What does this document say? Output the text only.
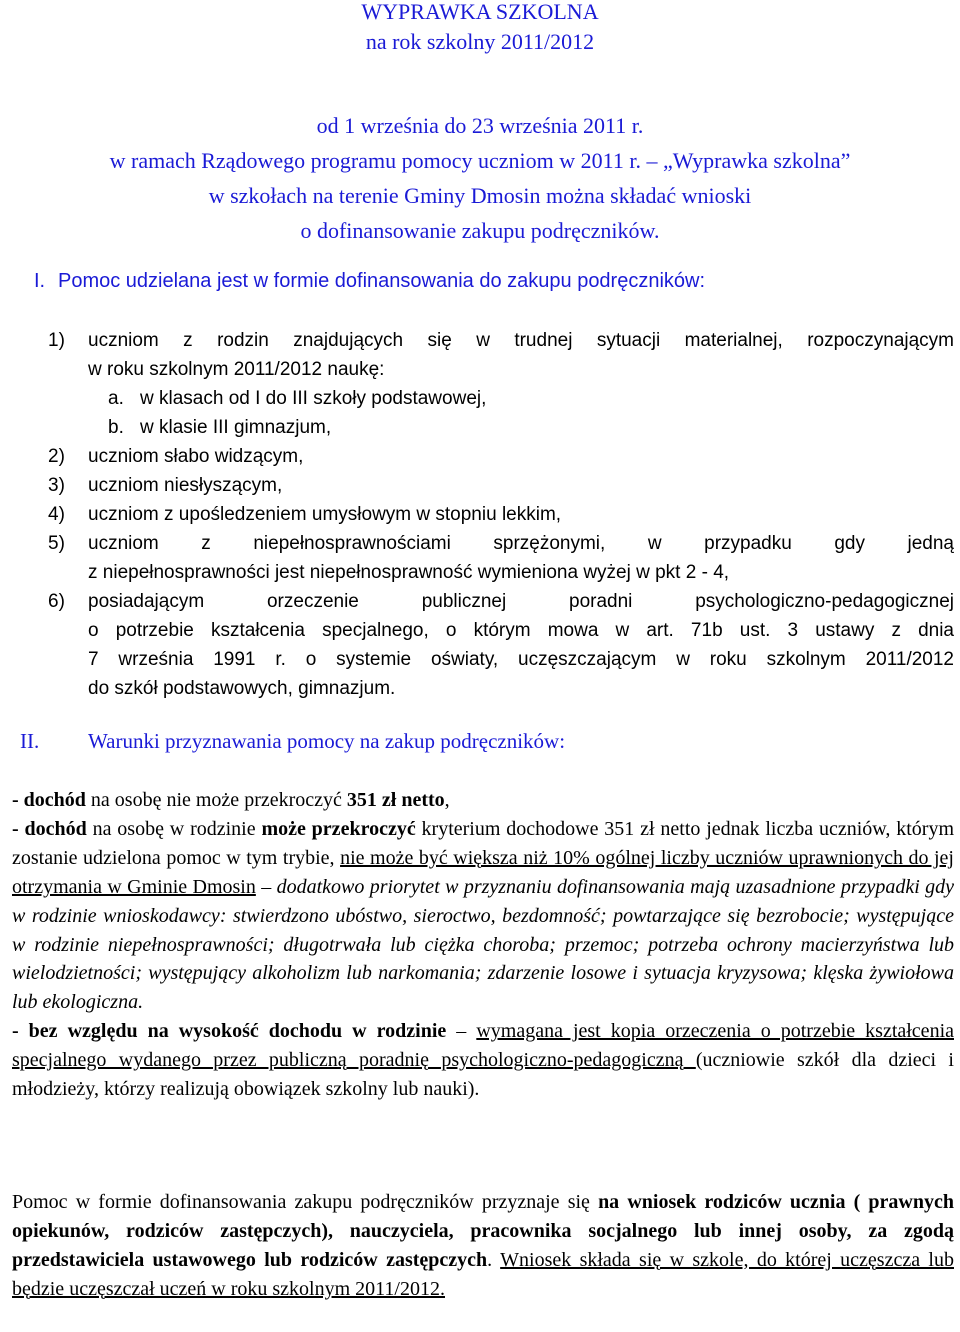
WYPRAWKA SZKOLNA
na rok szkolny 2011/2012
od 1 września do 23 września 2011 r.
w ramach Rządowego programu pomocy uczniom w 2011 r. – „Wyprawka szkolna”
w szkołach na terenie Gminy Dmosin można składać wnioski
o dofinansowanie zakupu podręczników.
I. Pomoc udzielana jest w formie dofinansowania do zakupu podręczników:
1) uczniom z rodzin znajdujących się w trudnej sytuacji materialnej, rozpoczynającym
w roku szkolnym 2011/2012 naukę:
a. w klasach od I do III szkoły podstawowej,
b. w klasie III gimnazjum,
2) uczniom słabo widzącym,
3) uczniom niesłyszącym,
4) uczniom z upośledzeniem umysłowym w stopniu lekkim,
5) uczniom z niepełnosprawnościami sprzężonymi, w przypadku gdy jedną
z niepełnosprawności jest niepełnosprawność wymieniona wyżej w pkt 2 - 4,
6) posiadającym orzeczenie publicznej poradni psychologiczno-pedagogicznej
o potrzebie kształcenia specjalnego, o którym mowa w art. 71b ust. 3 ustawy z dnia
7 września 1991 r. o systemie oświaty, uczęszczającym w roku szkolnym 2011/2012
do szkół podstawowych, gimnazjum.
II. Warunki przyznawania pomocy na zakup podręczników:

- dochód na osobę nie może przekroczyć 351 zł netto,

- dochód na osobę w rodzinie może przekroczyć kryterium dochodowe 351 zł netto jednak liczba uczniów, którym zostanie udzielona pomoc w tym trybie, nie może być większa niż 10% ogólnej liczby uczniów uprawnionych do jej otrzymania w Gminie Dmosin – dodatkowo priorytet w przyznaniu dofinansowania mają uzasadnione przypadki gdy w rodzinie wnioskodawcy: stwierdzono ubóstwo, sieroctwo, bezdomność; powtarzające się bezrobocie; występujące w rodzinie niepełnosprawności; długotrwała lub ciężka choroba; przemoc; potrzeba ochrony macierzyństwa lub wielodzietności; występujący alkoholizm lub narkomania; zdarzenie losowe i sytuacja kryzysowa; klęska żywiołowa lub ekologiczna.

- bez względu na wysokość dochodu w rodzinie – wymagana jest kopia orzeczenia o potrzebie kształcenia specjalnego wydanego przez publiczną poradnię psychologiczno-pedagogiczną (uczniowie szkół dla dzieci i młodzieży, którzy realizują obowiązek szkolny lub nauki).

Pomoc w formie dofinansowania zakupu podręczników przyznaje się na wniosek rodziców ucznia ( prawnych opiekunów, rodziców zastępczych), nauczyciela, pracownika socjalnego lub innej osoby, za zgodą przedstawiciela ustawowego lub rodziców zastępczych. Wniosek składa się w szkole, do której uczęszcza lub będzie uczęszczał uczeń w roku szkolnym 2011/2012.
